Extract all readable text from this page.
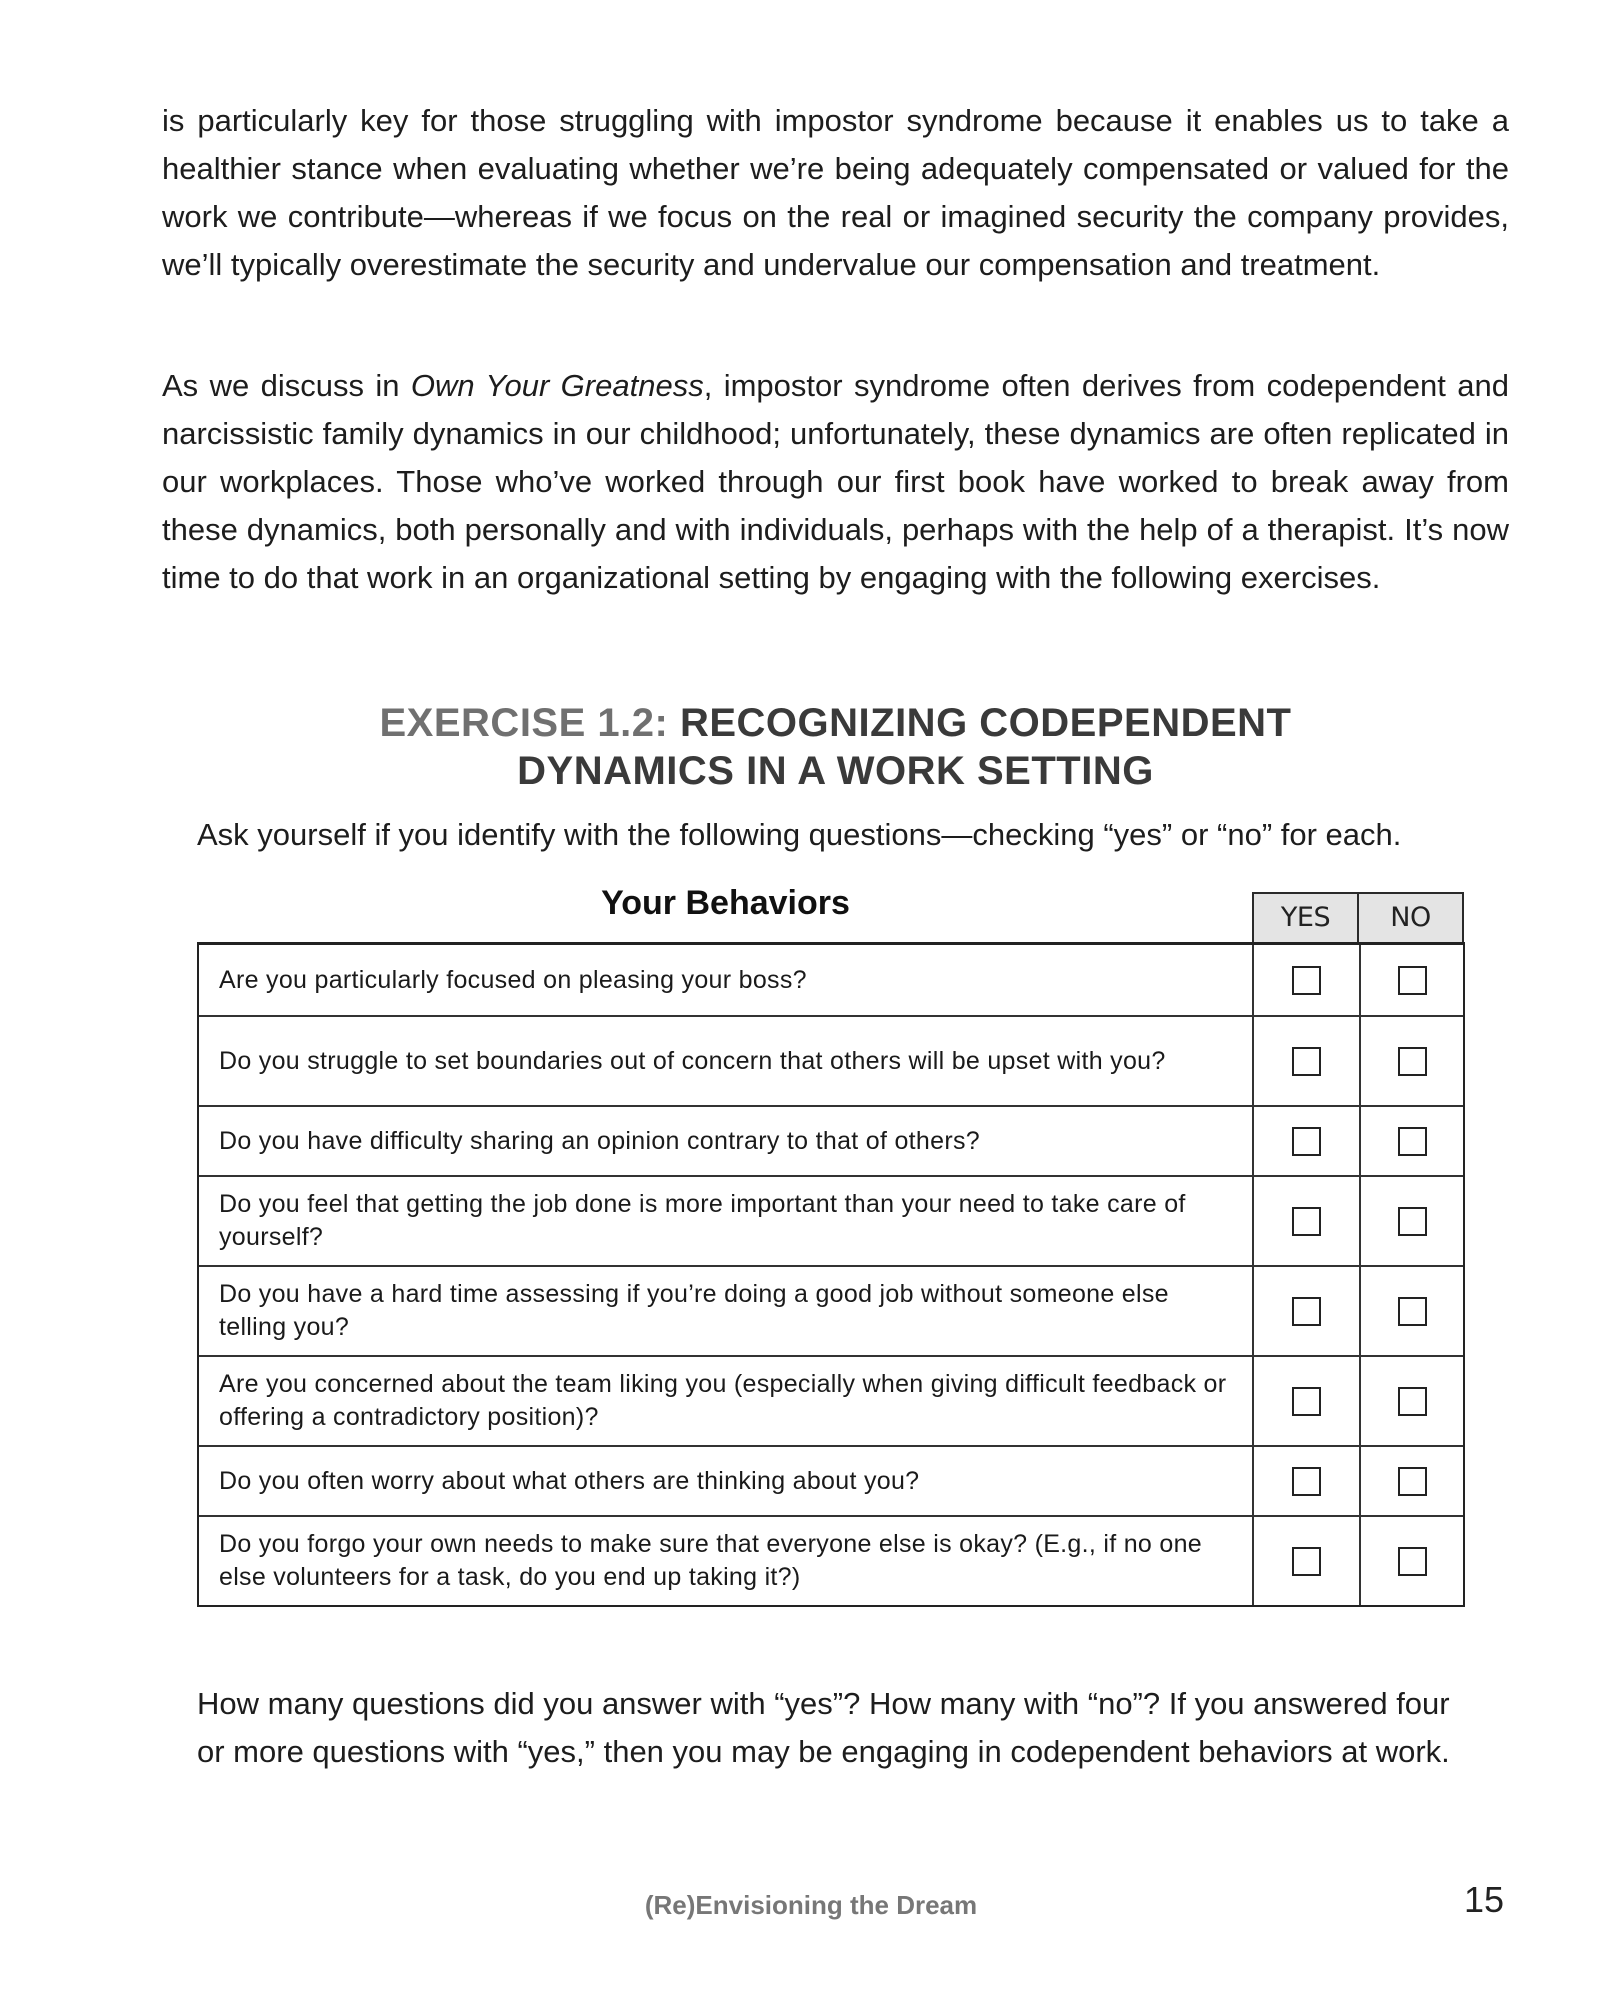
is particularly key for those struggling with impostor syndrome because it enables us to take a healthier stance when evaluating whether we’re being adequately compensated or valued for the work we contribute—whereas if we focus on the real or imagined security the company provides, we’ll typically overestimate the security and undervalue our compensation and treatment.

As we discuss in Own Your Greatness, impostor syndrome often derives from codependent and narcissistic family dynamics in our childhood; unfortunately, these dynamics are often replicated in our workplaces. Those who’ve worked through our first book have worked to break away from these dynamics, both personally and with individuals, perhaps with the help of a therapist. It’s now time to do that work in an organizational setting by engaging with the following exercises.

EXERCISE 1.2: RECOGNIZING CODEPENDENT
DYNAMICS IN A WORK SETTING

Ask yourself if you identify with the following questions—checking “yes” or “no” for each.

Your Behaviors	YES	NO
Are you particularly focused on pleasing your boss?
Do you struggle to set boundaries out of concern that others will be upset with you?
Do you have difficulty sharing an opinion contrary to that of others?
Do you feel that getting the job done is more important than your need to take care of yourself?
Do you have a hard time assessing if you’re doing a good job without someone else telling you?
Are you concerned about the team liking you (especially when giving difficult feedback or offering a contradictory position)?
Do you often worry about what others are thinking about you?
Do you forgo your own needs to make sure that everyone else is okay? (E.g., if no one else volunteers for a task, do you end up taking it?)

How many questions did you answer with “yes”? How many with “no”? If you answered four or more questions with “yes,” then you may be engaging in codependent behaviors at work.

(Re)Envisioning the Dream	15
